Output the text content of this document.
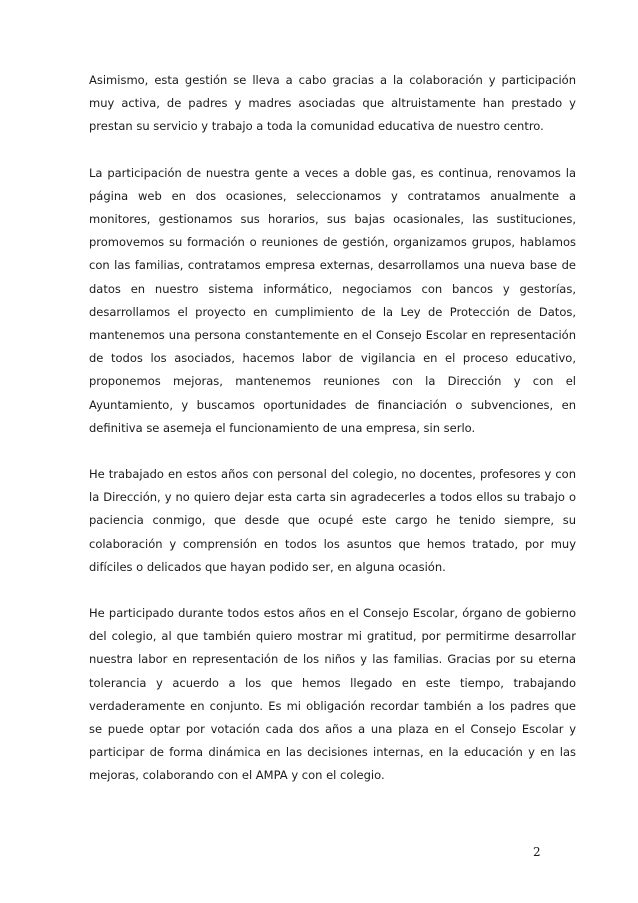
Asimismo, esta gestión se lleva a cabo gracias a la colaboración y participación muy activa, de padres y madres asociadas que altruistamente han prestado y prestan su servicio y trabajo a toda la comunidad educativa de nuestro centro.

La participación de nuestra gente a veces a doble gas, es continua, renovamos la página web en dos ocasiones, seleccionamos y contratamos anualmente a monitores, gestionamos sus horarios, sus bajas ocasionales, las sustituciones, promovemos su formación o reuniones de gestión, organizamos grupos, hablamos con las familias, contratamos empresa externas, desarrollamos una nueva base de datos en nuestro sistema informático, negociamos con bancos y gestorías, desarrollamos el proyecto en cumplimiento de la Ley de Protección de Datos, mantenemos una persona constantemente en el Consejo Escolar en representación de todos los asociados, hacemos labor de vigilancia en el proceso educativo, proponemos mejoras, mantenemos reuniones con la Dirección y con el Ayuntamiento, y buscamos oportunidades de financiación o subvenciones, en definitiva se asemeja el funcionamiento de una empresa, sin serlo.

He trabajado en estos años con personal del colegio, no docentes, profesores y con la Dirección, y no quiero dejar esta carta sin agradecerles a todos ellos su trabajo o paciencia conmigo, que desde que ocupé este cargo he tenido siempre, su colaboración y comprensión en todos los asuntos que hemos tratado, por muy difíciles o delicados que hayan podido ser, en alguna ocasión.

He participado durante todos estos años en el Consejo Escolar, órgano de gobierno del colegio, al que también quiero mostrar mi gratitud, por permitirme desarrollar nuestra labor en representación de los niños y las familias. Gracias por su eterna tolerancia y acuerdo a los que hemos llegado en este tiempo, trabajando verdaderamente en conjunto. Es mi obligación recordar también a los padres que se puede optar por votación cada dos años a una plaza en el Consejo Escolar y participar de forma dinámica en las decisiones internas, en la educación y en las mejoras, colaborando con el AMPA y con el colegio.

2
